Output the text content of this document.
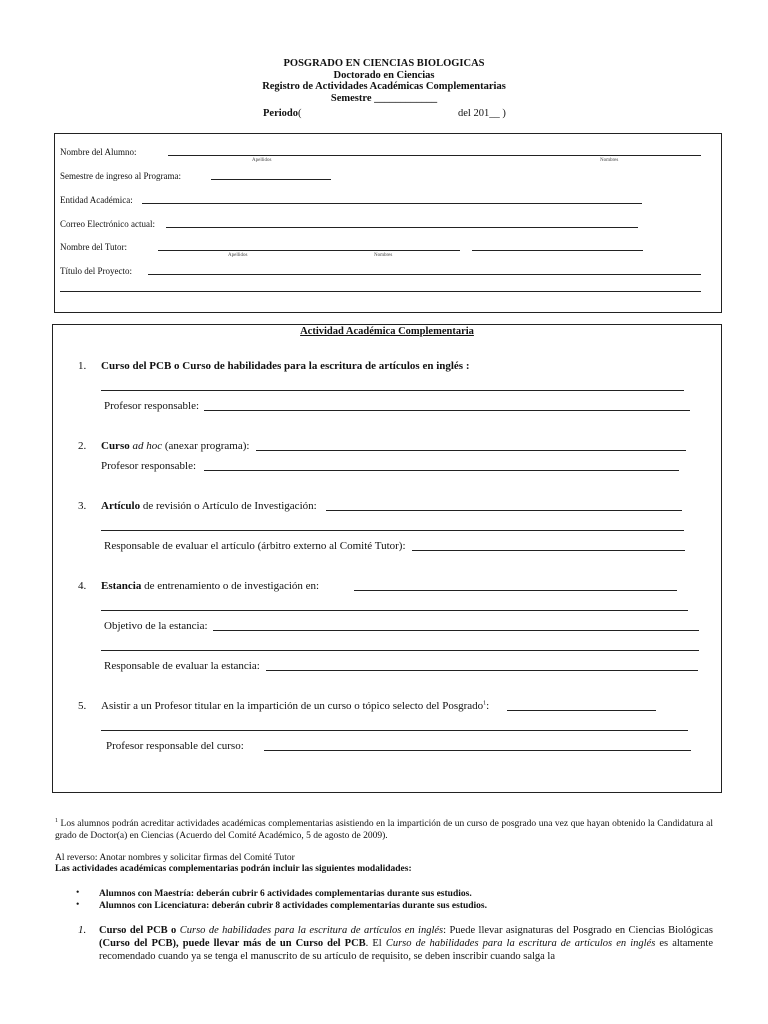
POSGRADO EN CIENCIAS BIOLOGICAS
Doctorado en Ciencias
Registro de Actividades Académicas Complementarias
Semestre ____________
Periodo (	del 201__ )
Nombre del Alumno:
Apellidos	Nombres
Semestre de ingreso al Programa:
Entidad Académica:
Correo Electrónico actual:
Nombre del Tutor:
Apellidos	Nombres
Título del Proyecto:
Actividad Académica Complementaria
1. Curso del PCB o Curso de habilidades para la escritura de artículos en inglés :
Profesor responsable:
2. Curso ad hoc (anexar programa):
Profesor responsable:
3. Artículo de revisión o Artículo de Investigación:
Responsable de evaluar el artículo (árbitro externo al Comité Tutor):
4. Estancia de entrenamiento o de investigación en:
Objetivo de la estancia:
Responsable de evaluar la estancia:
5. Asistir a un Profesor titular en la impartición de un curso o tópico selecto del Posgrado$^1$:
Profesor responsable del curso:
$^1$ Los alumnos podrán acreditar actividades académicas complementarias asistiendo en la impartición de un curso de posgrado una vez que hayan obtenido la Candidatura al grado de Doctor(a) en Ciencias (Acuerdo del Comité Académico, 5 de agosto de 2009).
Al reverso: Anotar nombres y solicitar firmas del Comité Tutor
Las actividades académicas complementarias podrán incluir las siguientes modalidades:
• Alumnos con Maestría: deberán cubrir 6 actividades complementarias durante sus estudios.
• Alumnos con Licenciatura: deberán cubrir 8 actividades complementarias durante sus estudios.
1. Curso del PCB o Curso de habilidades para la escritura de artículos en inglés: Puede llevar asignaturas del Posgrado en Ciencias Biológicas (Curso del PCB), puede llevar más de un Curso del PCB. El Curso de habilidades para la escritura de artículos en inglés es altamente recomendado cuando ya se tenga el manuscrito de su artículo de requisito, se deben inscribir cuando salga la
